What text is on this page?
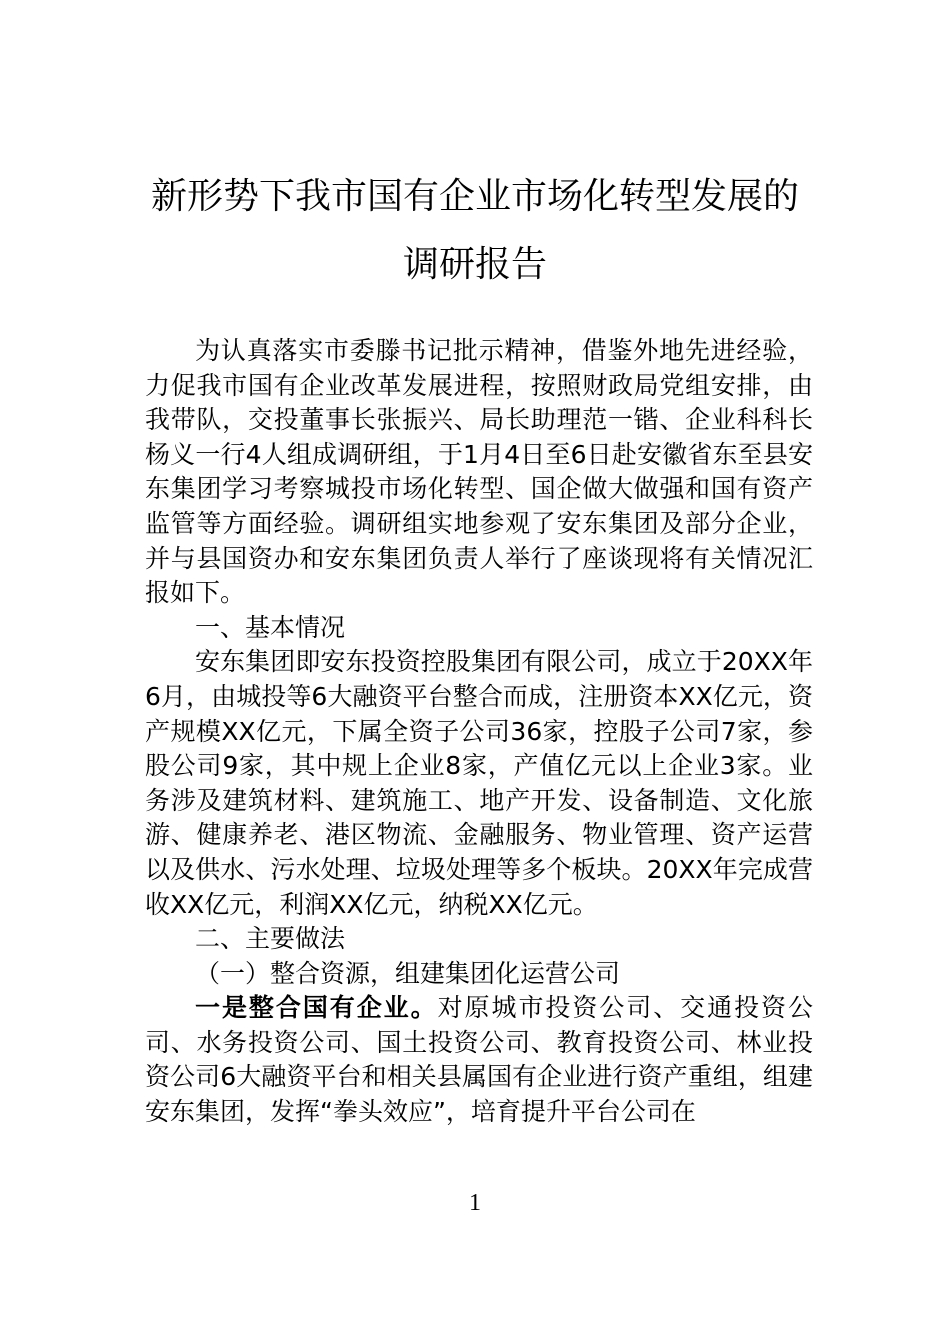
新形势下我市国有企业市场化转型发展的
调研报告

为认真落实市委滕书记批示精神，借鉴外地先进经验，力促我市国有企业改革发展进程，按照财政局党组安排，由我带队，交投董事长张振兴、局长助理范一锴、企业科科长杨义一行4人组成调研组，于1月4日至6日赴安徽省东至县安东集团学习考察城投市场化转型、国企做大做强和国有资产监管等方面经验。调研组实地参观了安东集团及部分企业，并与县国资办和安东集团负责人举行了座谈现将有关情况汇报如下。

一、基本情况

安东集团即安东投资控股集团有限公司，成立于20XX年6月，由城投等6大融资平台整合而成，注册资本XX亿元，资产规模XX亿元，下属全资子公司36家，控股子公司7家，参股公司9家，其中规上企业8家，产值亿元以上企业3家。业务涉及建筑材料、建筑施工、地产开发、设备制造、文化旅游、健康养老、港区物流、金融服务、物业管理、资产运营以及供水、污水处理、垃圾处理等多个板块。20XX年完成营收XX亿元，利润XX亿元，纳税XX亿元。

二、主要做法

（一）整合资源，组建集团化运营公司

一是整合国有企业。对原城市投资公司、交通投资公司、水务投资公司、国土投资公司、教育投资公司、林业投资公司6大融资平台和相关县属国有企业进行资产重组，组建安东集团，发挥“拳头效应”，培育提升平台公司在

1
